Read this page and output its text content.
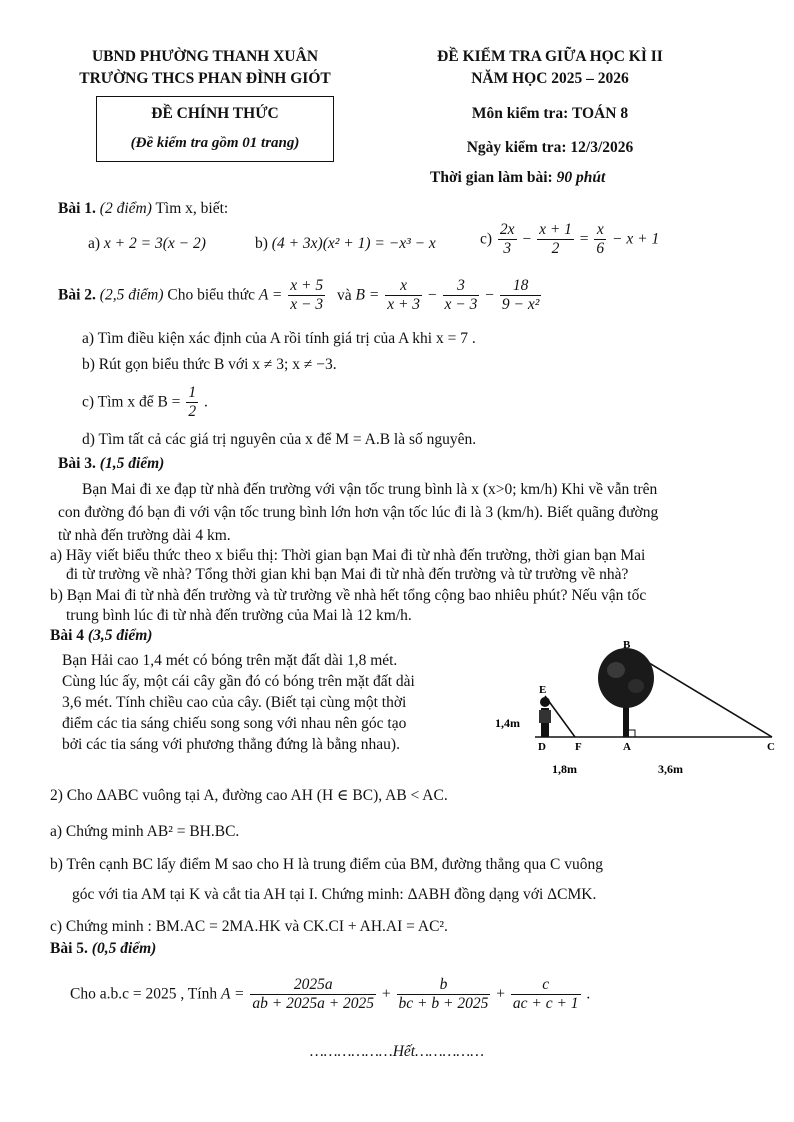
UBND PHƯỜNG THANH XUÂN
TRƯỜNG THCS PHAN ĐÌNH GIÓT
ĐỀ CHÍNH THỨC
(Đề kiểm tra gồm 01 trang)
ĐỀ KIỂM TRA GIỮA HỌC KÌ II
NĂM HỌC 2025 – 2026
Môn kiểm tra: TOÁN 8
Ngày kiểm tra: 12/3/2026
Thời gian làm bài: 90 phút
Bài 1. (2 điểm) Tìm x, biết:
a) x + 2 = 3(x − 2)	b) (4 + 3x)(x² + 1) = −x³ − x	$c) \frac{2x}{3} - \frac{x + 1}{2} = \frac{x}{6} - x + 1$
Bài 2. (2,5 điểm) Cho biểu thức $A = \frac{x + 5}{x - 3}$ và $B = \frac{x}{x + 3} - \frac{3}{x - 3} - \frac{18}{\text{9 − x²}}$
a) Tìm điều kiện xác định của A rồi tính giá trị của A khi x = 7 .
b) Rút gọn biểu thức B với x ≠ 3; x ≠ −3.
c) Tìm x để $B = \frac{1}{2}$ .
d) Tìm tất cả các giá trị nguyên của x để M = A.B là số nguyên.
Bài 3. (1,5 điểm)
Bạn Mai đi xe đạp từ nhà đến trường với vận tốc trung bình là x (x>0; km/h) Khi về vẫn trên
con đường đó bạn đi với vận tốc trung bình lớn hơn vận tốc lúc đi là 3 (km/h). Biết quãng đường
từ nhà đến trường dài 4 km.
a) Hãy viết biểu thức theo x biểu thị: Thời gian bạn Mai đi từ nhà đến trường, thời gian bạn Mai
đi từ trường về nhà? Tổng thời gian khi bạn Mai đi từ nhà đến trường và từ trường về nhà?
b) Bạn Mai đi từ nhà đến trường và từ trường về nhà hết tổng cộng bao nhiêu phút? Nếu vận tốc
trung bình lúc đi từ nhà đến trường của Mai là 12 km/h.
Bài 4 (3,5 điểm)
Bạn Hải cao 1,4 mét có bóng trên mặt đất dài 1,8 mét.
Cùng lúc ấy, một cái cây gần đó có bóng trên mặt đất dài
3,6 mét. Tính chiều cao của cây. (Biết tại cùng một thời
điểm các tia sáng chiếu song song với nhau nên góc tạo
bởi các tia sáng với phương thẳng đứng là bằng nhau).
B
E
D	F	A	C
1,4m
1,8m	3,6m
2) Cho ΔABC vuông tại A, đường cao AH (H ∈ BC), AB < AC.
a) Chứng minh AB² = BH.BC.
b) Trên cạnh BC lấy điểm M sao cho H là trung điểm của BM, đường thẳng qua C vuông
góc với tia AM tại K và cắt tia AH tại I. Chứng minh: ΔABH đồng dạng với ΔCMK.
c) Chứng minh : BM.AC = 2MA.HK và CK.CI + AH.AI = AC².
Bài 5. (0,5 điểm)
Cho a.b.c = 2025 , Tính $A = \frac{2025a}{ab + 2025a + 2025} + \frac{b}{bc + b + 2025} + \frac{c}{ac + c + 1}$ .
………………Hết……………
